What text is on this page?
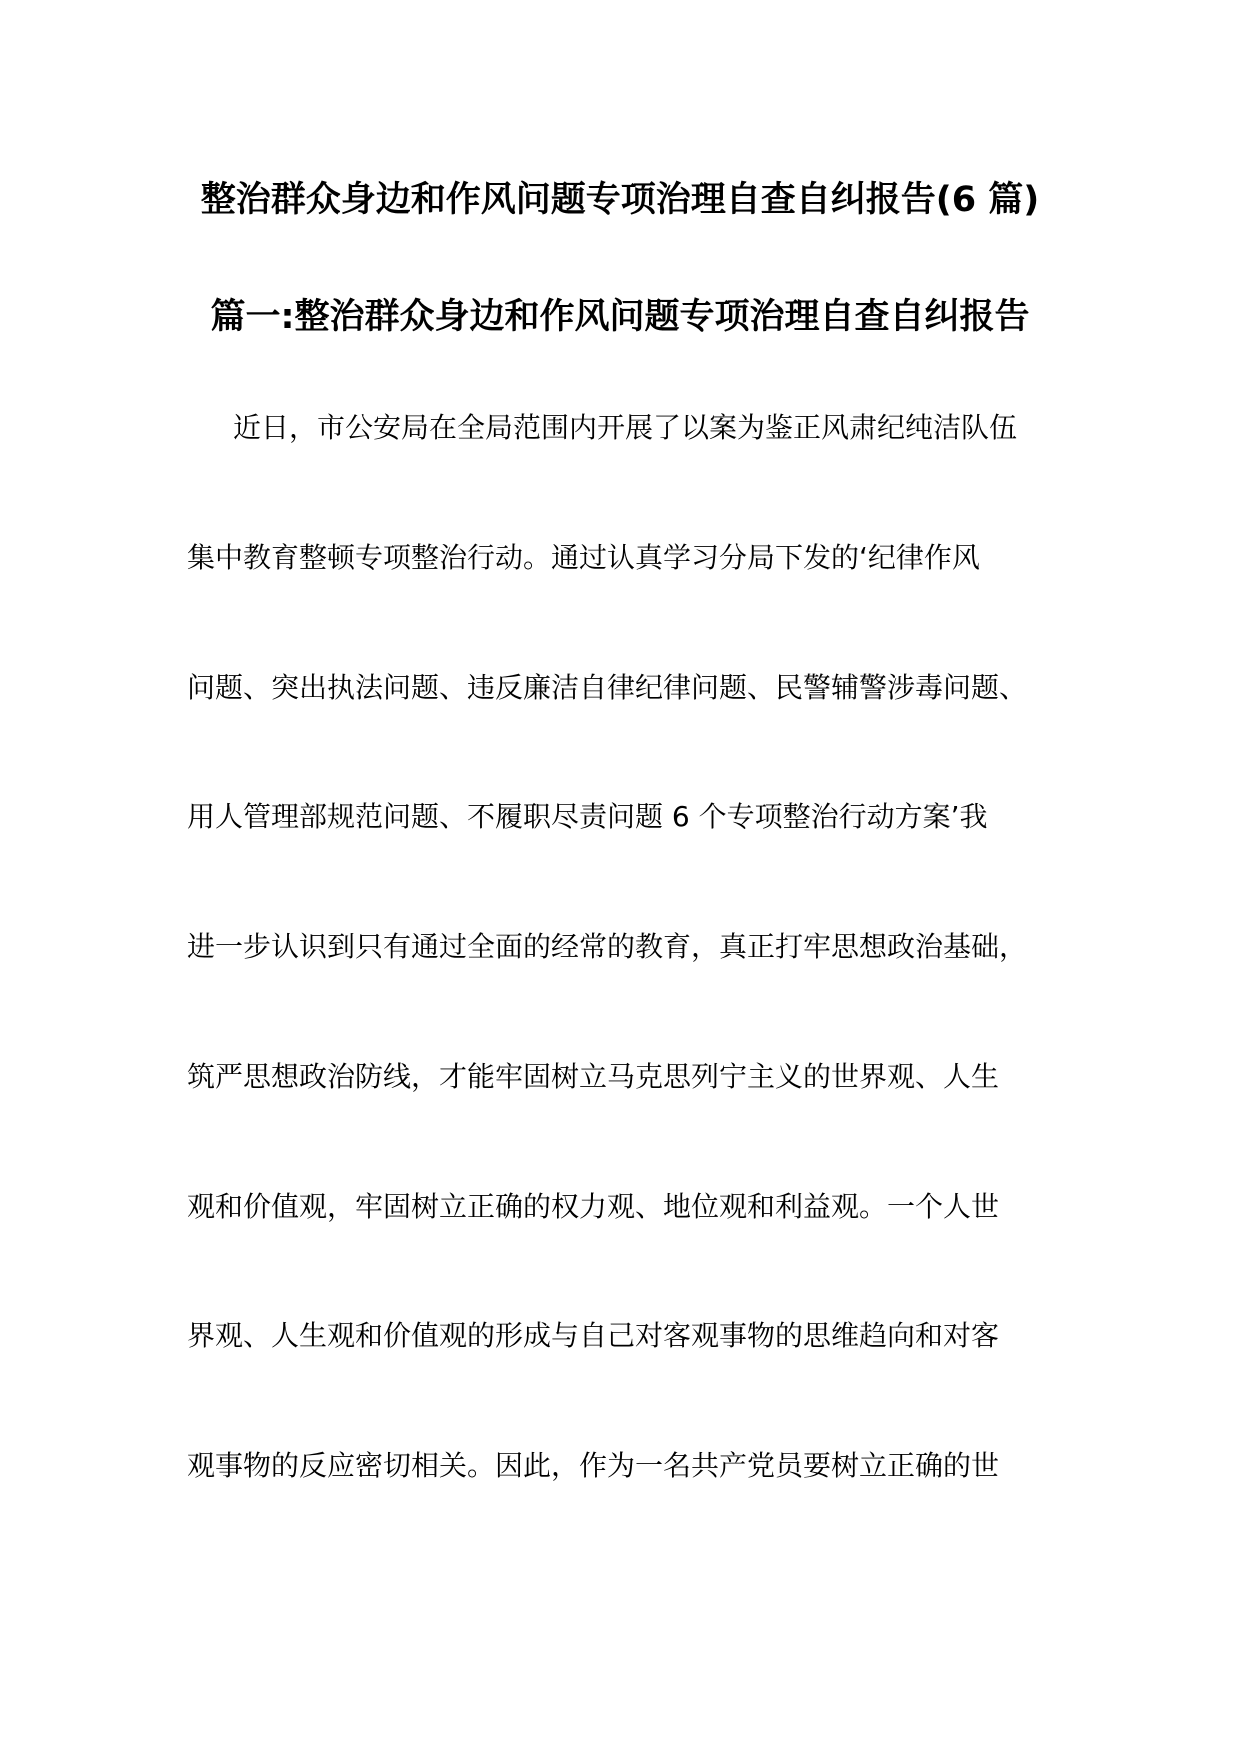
整治群众身边和作风问题专项治理自查自纠报告(6 篇)
篇一:整治群众身边和作风问题专项治理自查自纠报告
近日，市公安局在全局范围内开展了以案为鉴正风肃纪纯洁队伍
集中教育整顿专项整治行动。通过认真学习分局下发的‘纪律作风
问题、突出执法问题、违反廉洁自律纪律问题、民警辅警涉毒问题、
用人管理部规范问题、不履职尽责问题 6 个专项整治行动方案’我
进一步认识到只有通过全面的经常的教育，真正打牢思想政治基础，
筑严思想政治防线，才能牢固树立马克思列宁主义的世界观、人生
观和价值观，牢固树立正确的权力观、地位观和利益观。一个人世
界观、人生观和价值观的形成与自己对客观事物的思维趋向和对客
观事物的反应密切相关。因此，作为一名共产党员要树立正确的世
